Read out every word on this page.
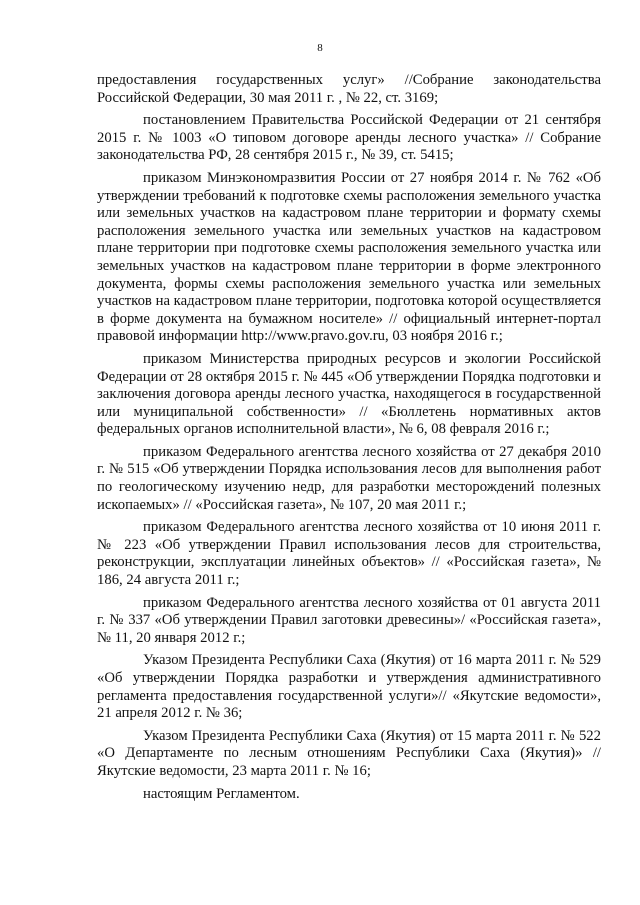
8

предоставления государственных услуг» //Собрание законодательства Российской Федерации, 30 мая 2011 г. , № 22, ст. 3169;

постановлением Правительства Российской Федерации от 21 сентября 2015 г. № 1003 «О типовом договоре аренды лесного участка» // Собрание законодательства РФ, 28 сентября 2015 г., № 39, ст. 5415;

приказом Минэкономразвития России от 27 ноября 2014 г. № 762 «Об утверждении требований к подготовке схемы расположения земельного участка или земельных участков на кадастровом плане территории и формату схемы расположения земельного участка или земельных участков на кадастровом плане территории при подготовке схемы расположения земельного участка или земельных участков на кадастровом плане территории в форме электронного документа, формы схемы расположения земельного участка или земельных участков на кадастровом плане территории, подготовка которой осуществляется в форме документа на бумажном носителе» // официальный интернет-портал правовой информации http://www.pravo.gov.ru, 03 ноября 2016 г.;

приказом Министерства природных ресурсов и экологии Российской Федерации от 28 октября 2015 г. № 445 «Об утверждении Порядка подготовки и заключения договора аренды лесного участка, находящегося в государственной или муниципальной собственности» // «Бюллетень нормативных актов федеральных органов исполнительной власти», № 6, 08 февраля 2016 г.;

приказом Федерального агентства лесного хозяйства от 27 декабря 2010 г. № 515 «Об утверждении Порядка использования лесов для выполнения работ по геологическому изучению недр, для разработки месторождений полезных ископаемых» // «Российская газета», № 107, 20 мая 2011 г.;

приказом Федерального агентства лесного хозяйства от 10 июня 2011 г. № 223 «Об утверждении Правил использования лесов для строительства, реконструкции, эксплуатации линейных объектов» // «Российская газета», № 186, 24 августа 2011 г.;

приказом Федерального агентства лесного хозяйства от 01 августа 2011 г. № 337 «Об утверждении Правил заготовки древесины»/ «Российская газета», № 11, 20 января 2012 г.;

Указом Президента Республики Саха (Якутия) от 16 марта 2011 г. № 529 «Об утверждении Порядка разработки и утверждения административного регламента предоставления государственной услуги»// «Якутские ведомости», 21 апреля 2012 г. № 36;

Указом Президента Республики Саха (Якутия) от 15 марта 2011 г. № 522 «О Департаменте по лесным отношениям Республики Саха (Якутия)» //Якутские ведомости, 23 марта 2011 г. № 16;

настоящим Регламентом.
